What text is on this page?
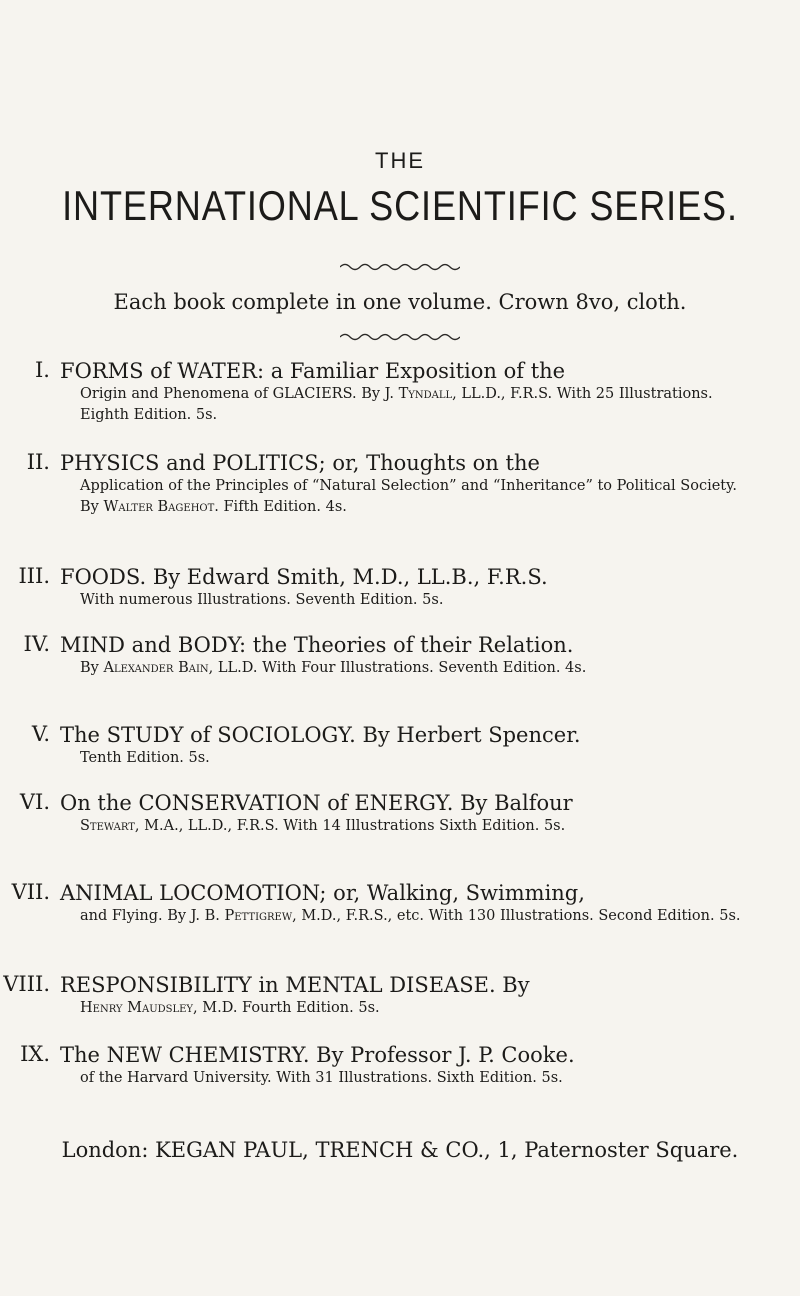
THE
INTERNATIONAL SCIENTIFIC SERIES.
Each book complete in one volume. Crown 8vo, cloth.
I. FORMS of WATER: a Familiar Exposition of the
Origin and Phenomena of GLACIERS. By J. Tyndall, LL.D., F.R.S. With 25 Illustrations. Eighth Edition. 5s.
II. PHYSICS and POLITICS; or, Thoughts on the
Application of the Principles of “Natural Selection” and “Inheritance” to Political Society. By Walter Bagehot. Fifth Edition. 4s.
III. FOODS. By Edward Smith, M.D., LL.B., F.R.S.
With numerous Illustrations. Seventh Edition. 5s.
IV. MIND and BODY: the Theories of their Relation.
By Alexander Bain, LL.D. With Four Illustrations. Seventh Edition. 4s.
V. The STUDY of SOCIOLOGY. By Herbert Spencer.
Tenth Edition. 5s.
VI. On the CONSERVATION of ENERGY. By Balfour
Stewart, M.A., LL.D., F.R.S. With 14 Illustrations Sixth Edition. 5s.
VII. ANIMAL LOCOMOTION; or, Walking, Swimming,
and Flying. By J. B. Pettigrew, M.D., F.R.S., etc. With 130 Illustrations. Second Edition. 5s.
VIII. RESPONSIBILITY in MENTAL DISEASE. By
Henry Maudsley, M.D. Fourth Edition. 5s.
IX. The NEW CHEMISTRY. By Professor J. P. Cooke.
of the Harvard University. With 31 Illustrations. Sixth Edition. 5s.
London: KEGAN PAUL, TRENCH & CO., 1, Paternoster Square.
